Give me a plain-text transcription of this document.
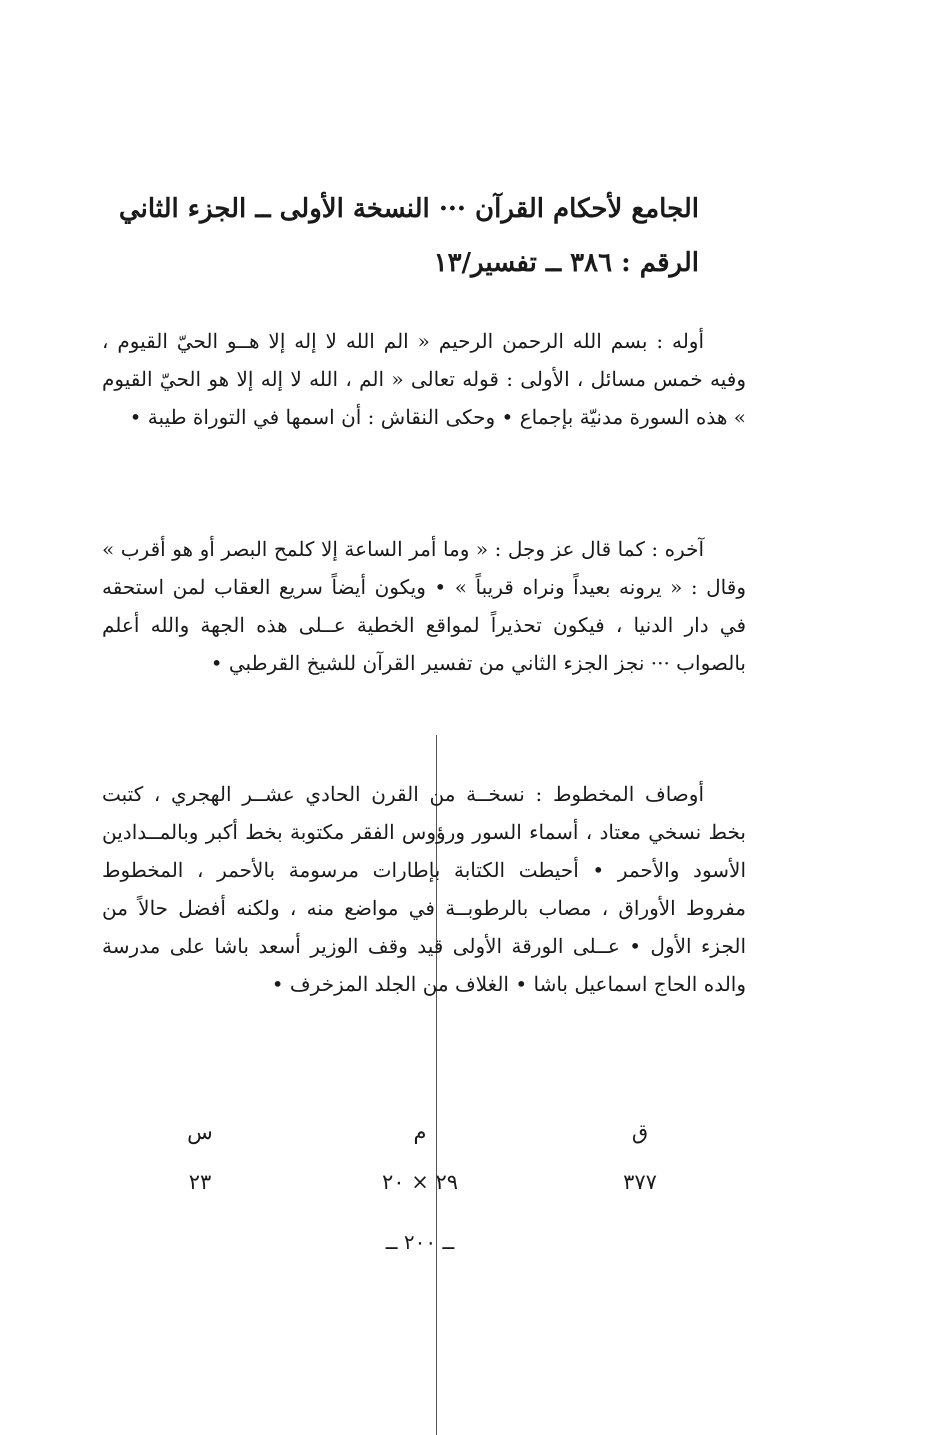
الجامع لأحكام القرآن ··· النسخة الأولى ــ الجزء الثاني
الرقم : ٣٨٦ ــ تفسير/١٣

أوله : بسم الله الرحمن الرحيم « الم الله لا إله إلا هــو الحيّ القيوم ، وفيه خمس مسائل ، الأولى : قوله تعالى « الم ، الله لا إله إلا هو الحيّ القيوم » هذه السورة مدنيّة بإجماع • وحكى النقاش : أن اسمها في التوراة طيبة •

آخره : كما قال عز وجل : « وما أمر الساعة إلا كلمح البصر أو هو أقرب » وقال : « يرونه بعيداً ونراه قريباً » • ويكون أيضاً سريع العقاب لمن استحقه في دار الدنيا ، فيكون تحذيراً لمواقع الخطية عــلى هذه الجهة والله أعلم بالصواب ··· نجز الجزء الثاني من تفسير القرآن للشيخ القرطبي •

أوصاف المخطوط : نسخــة من القرن الحادي عشــر الهجري ، كتبت بخط نسخي معتاد ، أسماء السور ورؤوس الفقر مكتوبة بخط أكبر وبالمــدادين الأسود والأحمر • أحيطت الكتابة بإطارات مرسومة بالأحمر ، المخطوط مفروط الأوراق ، مصاب بالرطوبــة في مواضع منه ، ولكنه أفضل حالاً من الجزء الأول • عــلى الورقة الأولى قيد وقف الوزير أسعد باشا على مدرسة والده الحاج اسماعيل باشا • الغلاف من الجلد المزخرف •

ق
م
س
٣٧٧
٢٩ × ٢٠
٢٣
ــ ٢٠٠ ــ
